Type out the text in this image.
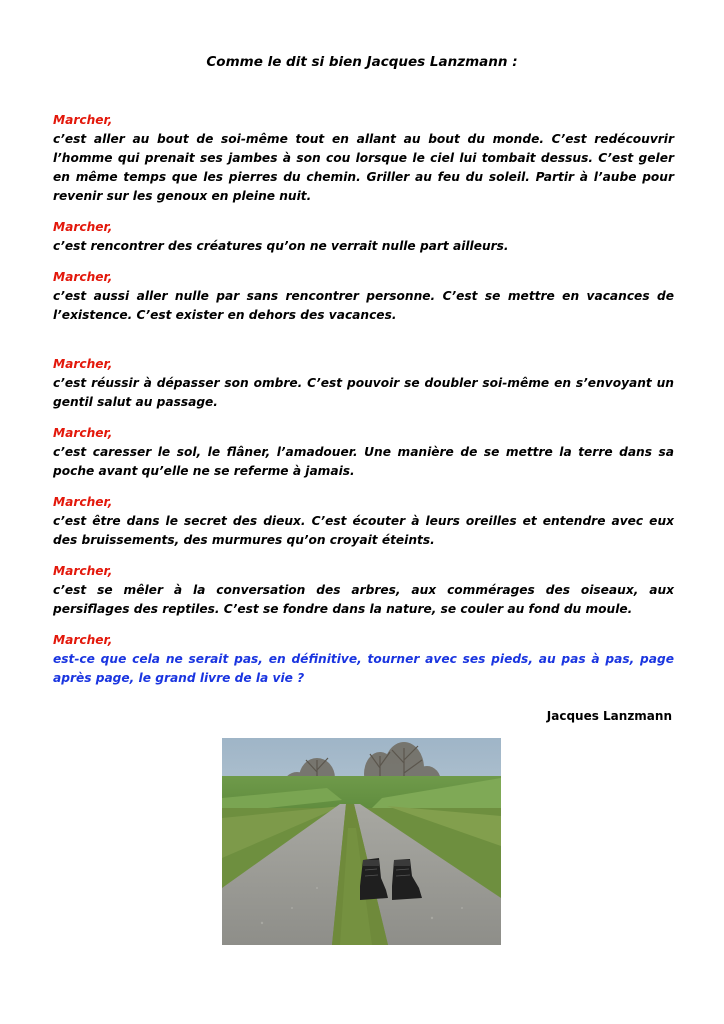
Comme le dit si bien Jacques Lanzmann :
Marcher,
c’est aller au bout de soi-même tout en allant au bout du monde. C’est redécouvrir l’homme qui prenait ses jambes à son cou lorsque le ciel lui tombait dessus. C’est geler en même temps que les pierres du chemin. Griller au feu du soleil. Partir à l’aube pour revenir sur les genoux en pleine nuit.
Marcher,
c’est rencontrer des créatures qu’on ne verrait nulle part ailleurs.
Marcher,
c’est aussi aller nulle par sans rencontrer personne. C’est se mettre en vacances de l’existence. C’est exister en dehors des vacances.
Marcher,
c’est réussir à dépasser son ombre. C’est pouvoir se doubler soi-même en s’envoyant un gentil salut au passage.
Marcher,
c’est caresser le sol, le flâner, l’amadouer. Une manière de se mettre la terre dans sa poche avant qu’elle ne se referme à jamais.
Marcher,
c’est être dans le secret des dieux. C’est écouter à leurs oreilles et entendre avec eux des bruissements, des murmures qu’on croyait éteints.
Marcher,
c’est se mêler à la conversation des arbres, aux commérages des oiseaux, aux persiflages des reptiles. C’est se fondre dans la nature, se couler au fond du moule.
Marcher,
est-ce que cela ne serait pas, en définitive, tourner avec ses pieds, au pas à pas, page après page, le grand livre de la vie ?
Jacques Lanzmann
